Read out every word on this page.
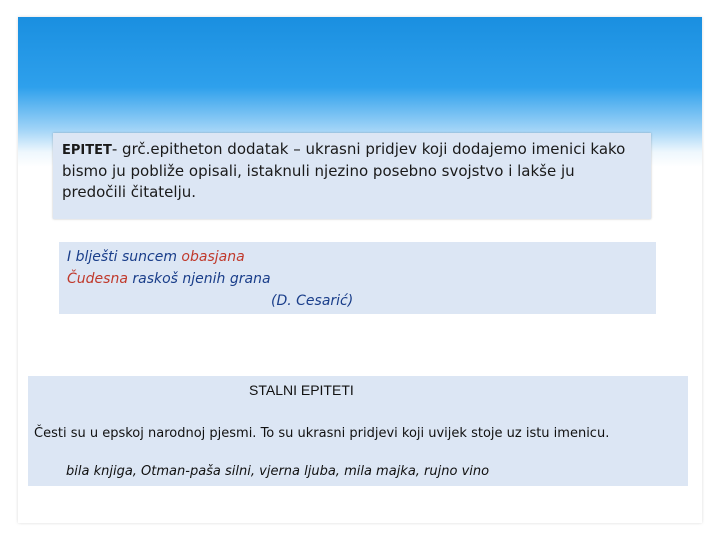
EPITET- grč.epitheton dodatak – ukrasni pridjev koji dodajemo imenici kako bismo ju pobliže opisali, istaknuli njezino posebno svojstvo i lakše ju predočili čitatelju.
I blješti suncem obasjana
Čudesna raskoš njenih grana
(D. Cesarić)
STALNI EPITETI
Česti su u epskoj narodnoj pjesmi. To su ukrasni pridjevi koji uvijek stoje uz istu imenicu.
bila knjiga, Otman-paša silni, vjerna ljuba, mila majka, rujno vino
